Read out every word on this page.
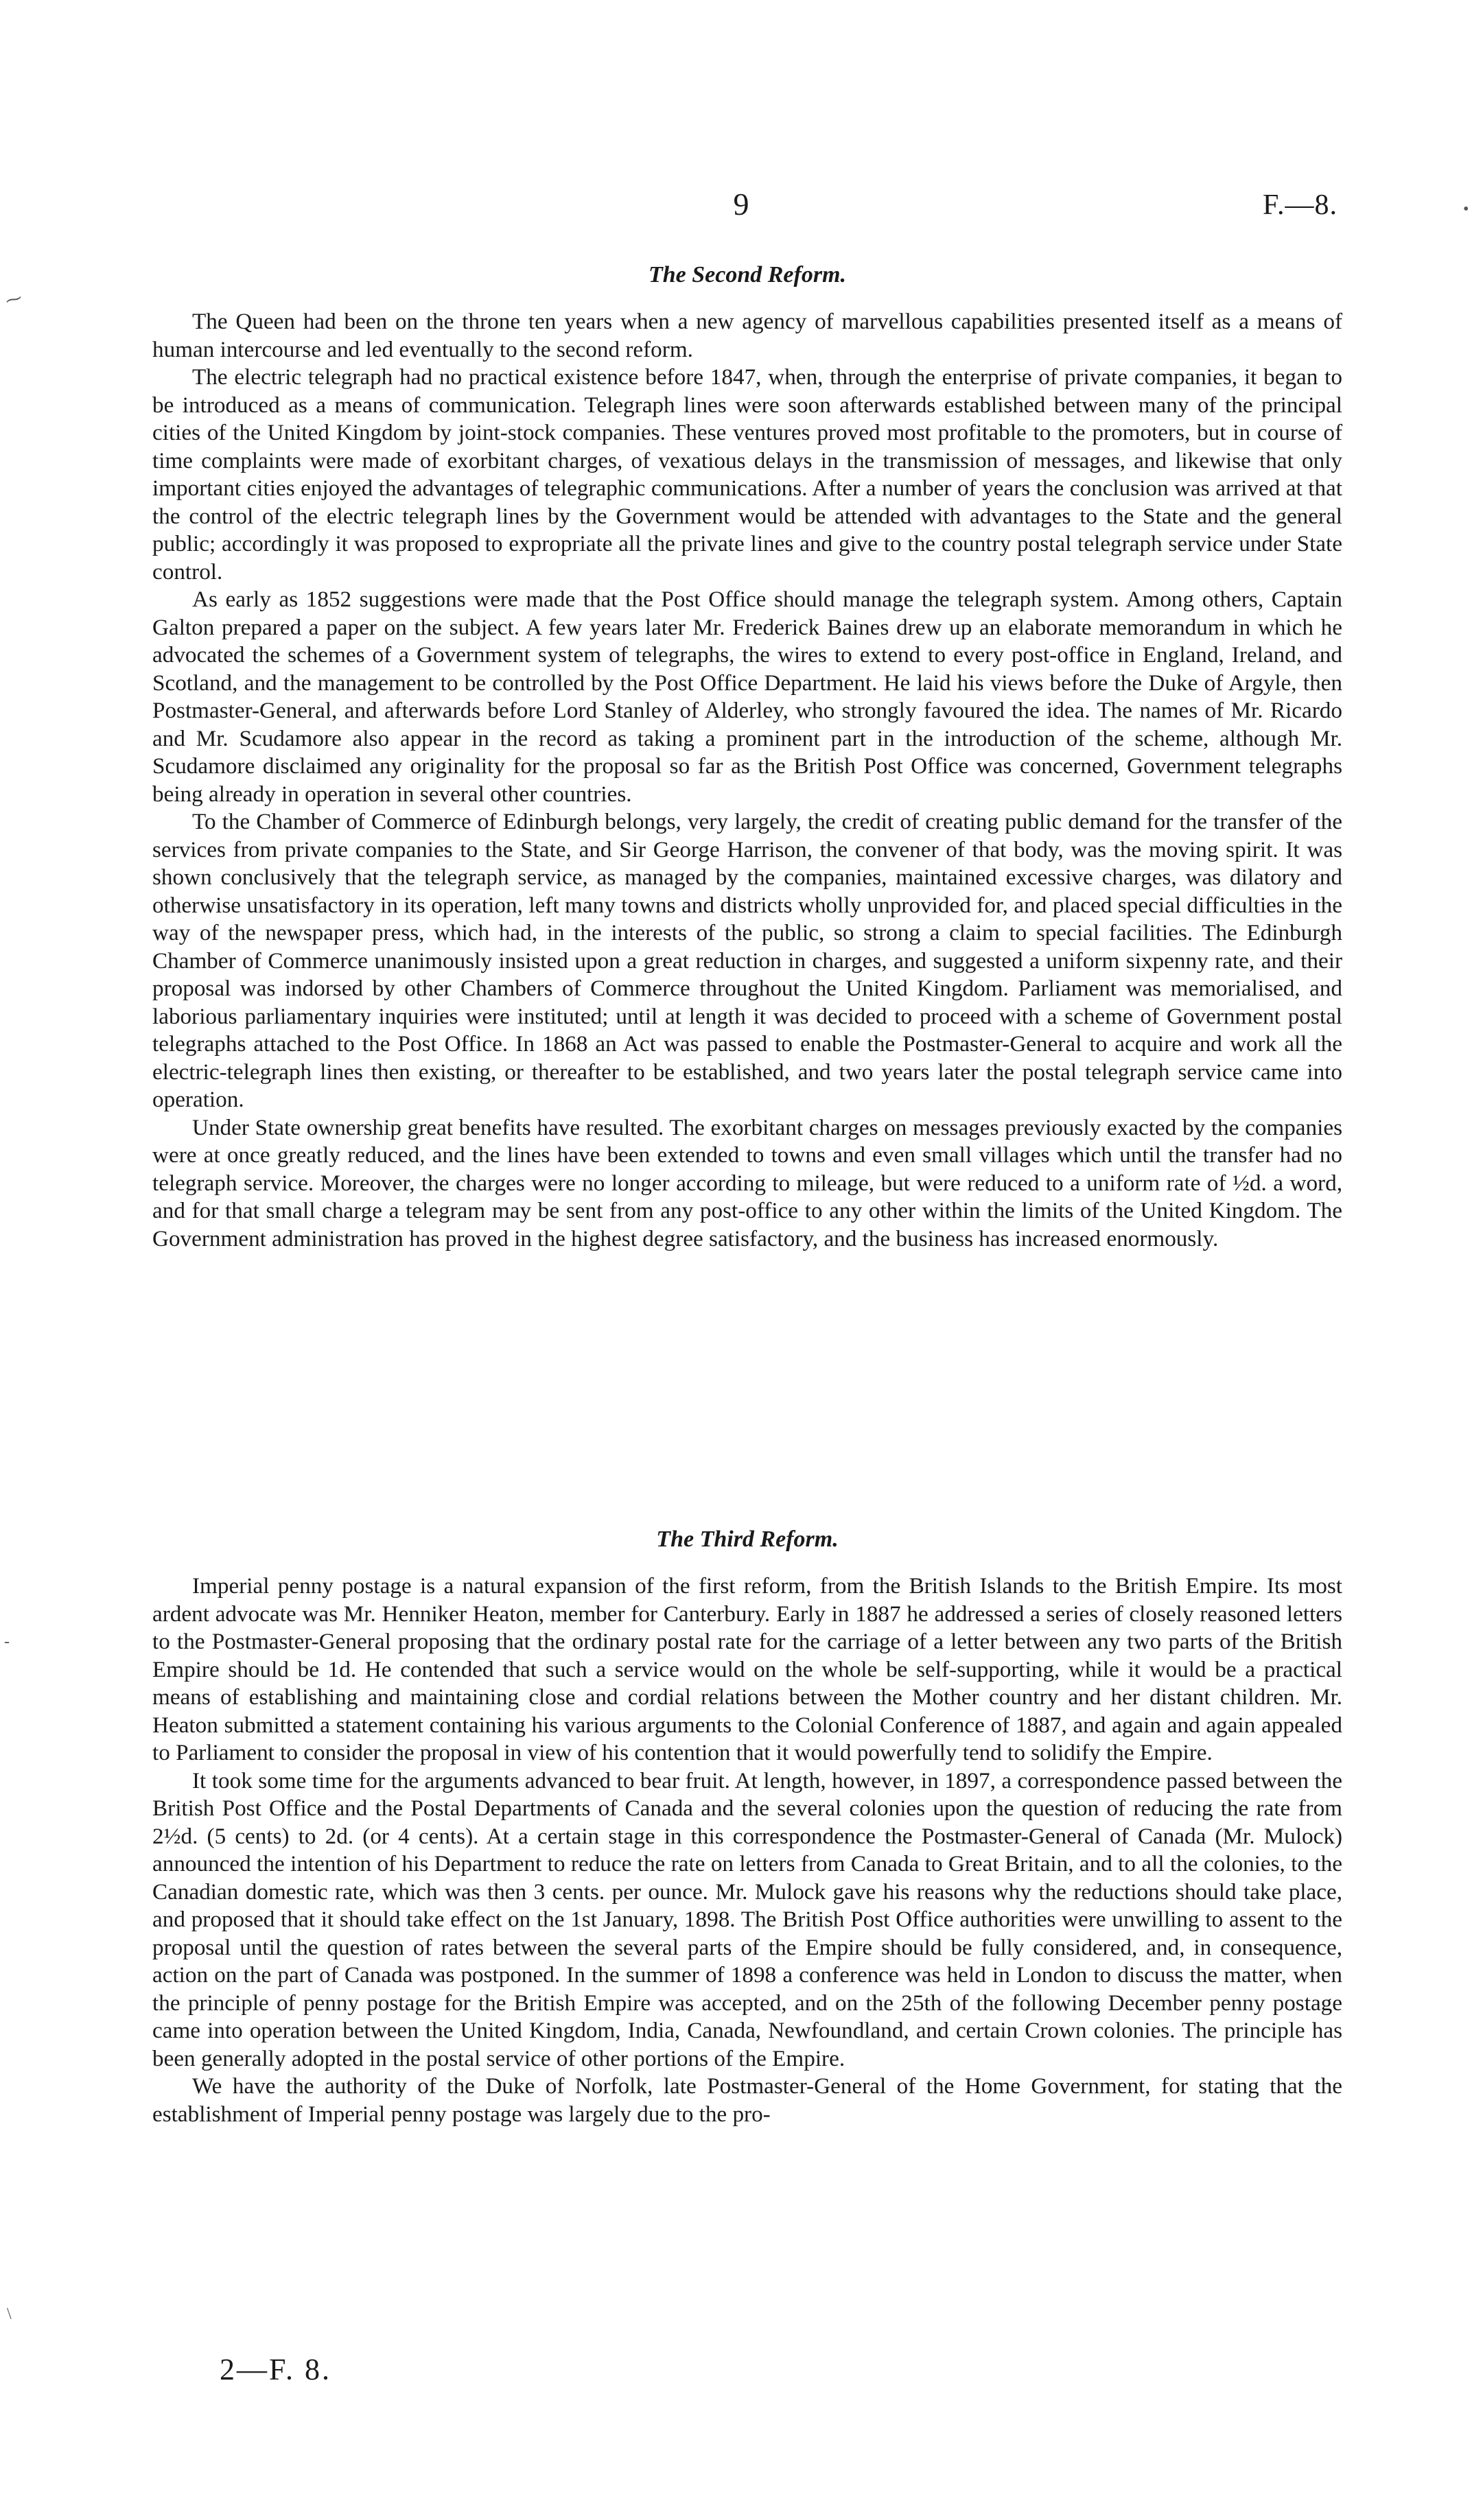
9	F.—8.	•
⁓
The Second Reform.

The Queen had been on the throne ten years when a new agency of marvellous capabilities presented itself as a means of human intercourse and led eventually to the second reform.

The electric telegraph had no practical existence before 1847, when, through the enterprise of private companies, it began to be introduced as a means of communication. Telegraph lines were soon afterwards established between many of the principal cities of the United Kingdom by joint-stock companies. These ventures proved most profitable to the promoters, but in course of time complaints were made of exorbitant charges, of vexatious delays in the transmission of messages, and likewise that only important cities enjoyed the advantages of telegraphic communications. After a number of years the conclusion was arrived at that the control of the electric telegraph lines by the Government would be attended with advantages to the State and the general public; accordingly it was proposed to expropriate all the private lines and give to the country postal telegraph service under State control.

As early as 1852 suggestions were made that the Post Office should manage the telegraph system. Among others, Captain Galton prepared a paper on the subject. A few years later Mr. Frederick Baines drew up an elaborate memorandum in which he advocated the schemes of a Government system of telegraphs, the wires to extend to every post-office in England, Ireland, and Scotland, and the management to be controlled by the Post Office Department. He laid his views before the Duke of Argyle, then Postmaster-General, and afterwards before Lord Stanley of Alderley, who strongly favoured the idea. The names of Mr. Ricardo and Mr. Scudamore also appear in the record as taking a prominent part in the introduction of the scheme, although Mr. Scudamore disclaimed any originality for the proposal so far as the British Post Office was concerned, Government telegraphs being already in operation in several other countries.

To the Chamber of Commerce of Edinburgh belongs, very largely, the credit of creating public demand for the transfer of the services from private companies to the State, and Sir George Harrison, the convener of that body, was the moving spirit. It was shown conclusively that the telegraph service, as managed by the companies, maintained excessive charges, was dilatory and otherwise unsatisfactory in its operation, left many towns and districts wholly unprovided for, and placed special difficulties in the way of the newspaper press, which had, in the interests of the public, so strong a claim to special facilities. The Edinburgh Chamber of Commerce unanimously insisted upon a great reduction in charges, and suggested a uniform sixpenny rate, and their proposal was indorsed by other Chambers of Commerce throughout the United Kingdom. Parliament was memorialised, and laborious parliamentary inquiries were instituted; until at length it was decided to proceed with a scheme of Government postal telegraphs attached to the Post Office. In 1868 an Act was passed to enable the Postmaster-General to acquire and work all the electric-telegraph lines then existing, or thereafter to be established, and two years later the postal telegraph service came into operation.

Under State ownership great benefits have resulted. The exorbitant charges on messages previously exacted by the companies were at once greatly reduced, and the lines have been extended to towns and even small villages which until the transfer had no telegraph service. Moreover, the charges were no longer according to mileage, but were reduced to a uniform rate of ½d. a word, and for that small charge a telegram may be sent from any post-office to any other within the limits of the United Kingdom. The Government administration has proved in the highest degree satisfactory, and the business has increased enormously.

The Third Reform.

Imperial penny postage is a natural expansion of the first reform, from the British Islands to the British Empire. Its most ardent advocate was Mr. Henniker Heaton, member for Canterbury. Early in 1887 he addressed a series of closely reasoned letters to the Postmaster-General proposing that the ordinary postal rate for the carriage of a letter between any two parts of the British Empire should be 1d. He contended that such a service would on the whole be self-supporting, while it would be a practical means of establishing and maintaining close and cordial relations between the Mother country and her distant children. Mr. Heaton submitted a statement containing his various arguments to the Colonial Conference of 1887, and again and again appealed to Parliament to consider the proposal in view of his contention that it would powerfully tend to solidify the Empire.

It took some time for the arguments advanced to bear fruit. At length, however, in 1897, a correspondence passed between the British Post Office and the Postal Departments of Canada and the several colonies upon the question of reducing the rate from 2½d. (5 cents) to 2d. (or 4 cents). At a certain stage in this correspondence the Postmaster-General of Canada (Mr. Mulock) announced the intention of his Department to reduce the rate on letters from Canada to Great Britain, and to all the colonies, to the Canadian domestic rate, which was then 3 cents. per ounce. Mr. Mulock gave his reasons why the reductions should take place, and proposed that it should take effect on the 1st January, 1898. The British Post Office authorities were unwilling to assent to the proposal until the question of rates between the several parts of the Empire should be fully considered, and, in consequence, action on the part of Canada was postponed. In the summer of 1898 a conference was held in London to discuss the matter, when the principle of penny postage for the British Empire was accepted, and on the 25th of the following December penny postage came into operation between the United Kingdom, India, Canada, Newfoundland, and certain Crown colonies. The principle has been generally adopted in the postal service of other portions of the Empire.

We have the authority of the Duke of Norfolk, late Postmaster-General of the Home Government, for stating that the establishment of Imperial penny postage was largely due to the pro-

2—F. 8.
-
\
